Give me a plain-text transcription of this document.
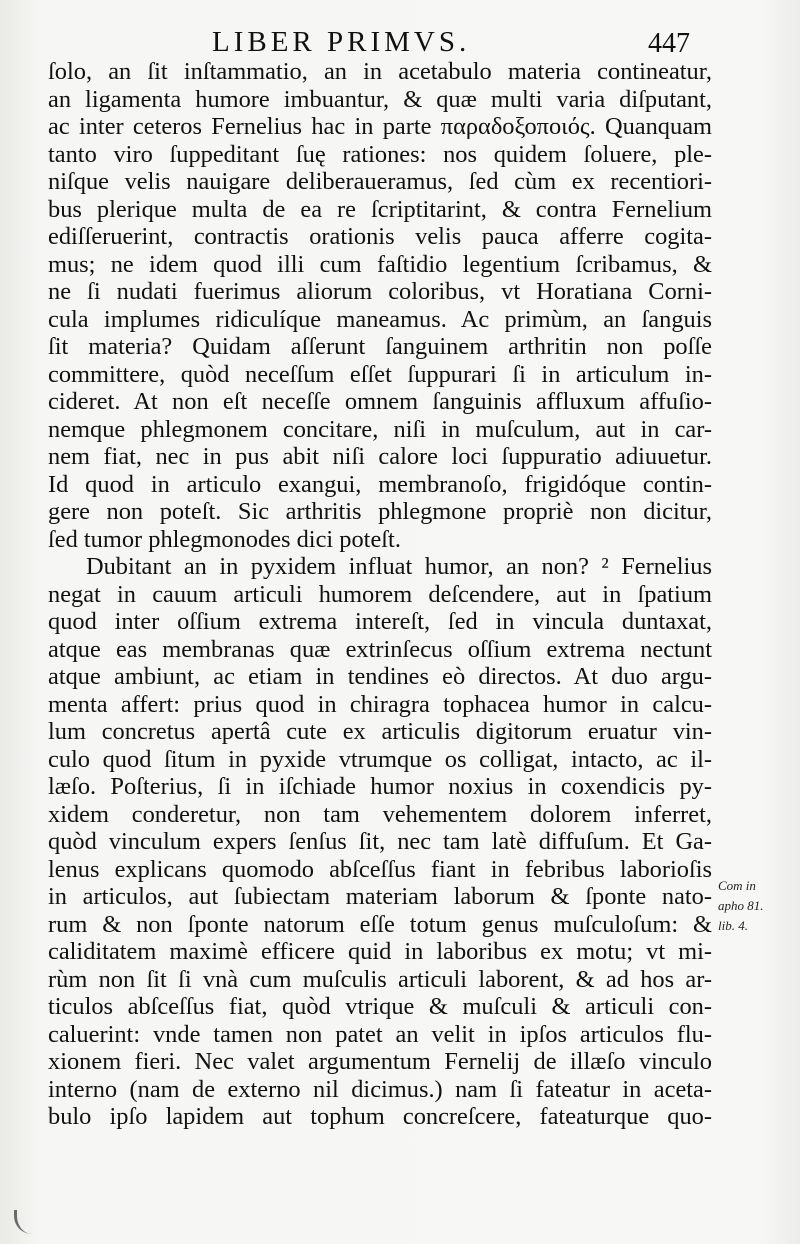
LIBER PRIMVS.	447
ſolo, an ſit inſtammatio, an in acetabulo materia contineatur,
an ligamenta humore imbuantur, & quæ multi varia diſputant,
ac inter ceteros Fernelius hac in parte παραδοξοποιός. Quanquam
tanto viro ſuppeditant ſuę rationes: nos quidem ſoluere, ple-
niſque velis nauigare deliberaueramus, ſed cùm ex recentiori-
bus plerique multa de ea re ſcriptitarint, & contra Fernelium
ediſſeruerint, contractis orationis velis pauca afferre cogita-
mus; ne idem quod illi cum faſtidio legentium ſcribamus, &
ne ſi nudati fuerimus aliorum coloribus, vt Horatiana Corni-
cula implumes ridiculíque maneamus. Ac primùm, an ſanguis
ſit materia? Quidam aſſerunt ſanguinem arthritin non poſſe
committere, quòd neceſſum eſſet ſuppurari ſi in articulum in-
cideret. At non eſt neceſſe omnem ſanguinis affluxum affuſio-
nemque phlegmonem concitare, niſi in muſculum, aut in car-
nem fiat, nec in pus abit niſi calore loci ſuppuratio adiuuetur.
Id quod in articulo exangui, membranoſo, frigidóque contin-
gere non poteſt. Sic arthritis phlegmone propriè non dicitur,
ſed tumor phlegmonodes dici poteſt.
Dubitant an in pyxidem influat humor, an non? ² Fernelius
negat in cauum articuli humorem deſcendere, aut in ſpatium
quod inter oſſium extrema intereſt, ſed in vincula duntaxat,
atque eas membranas quæ extrinſecus oſſium extrema nectunt
atque ambiunt, ac etiam in tendines eò directos. At duo argu-
menta affert: prius quod in chiragra tophacea humor in calcu-
lum concretus apertâ cute ex articulis digitorum eruatur vin-
culo quod ſitum in pyxide vtrumque os colligat, intacto, ac il-
læſo. Poſterius, ſi in iſchiade humor noxius in coxendicis py-
xidem conderetur, non tam vehementem dolorem inferret,
quòd vinculum expers ſenſus ſit, nec tam latè diffuſum. Et Ga-
lenus explicans quomodo abſceſſus fiant in febribus laborioſis
in articulos, aut ſubiectam materiam laborum & ſponte nato-
rum & non ſponte natorum eſſe totum genus muſculoſum: &
caliditatem maximè efficere quid in laboribus ex motu; vt mi-
rùm non ſit ſi vnà cum muſculis articuli laborent, & ad hos ar-
ticulos abſceſſus fiat, quòd vtrique & muſculi & articuli con-
caluerint: vnde tamen non patet an velit in ipſos articulos flu-
xionem fieri. Nec valet argumentum Fernelij de illæſo vinculo
interno (nam de externo nil dicimus.) nam ſi fateatur in aceta-
bulo ipſo lapidem aut tophum concreſcere, fateaturque quo-
Com in
apho 81.
lib. 4.
